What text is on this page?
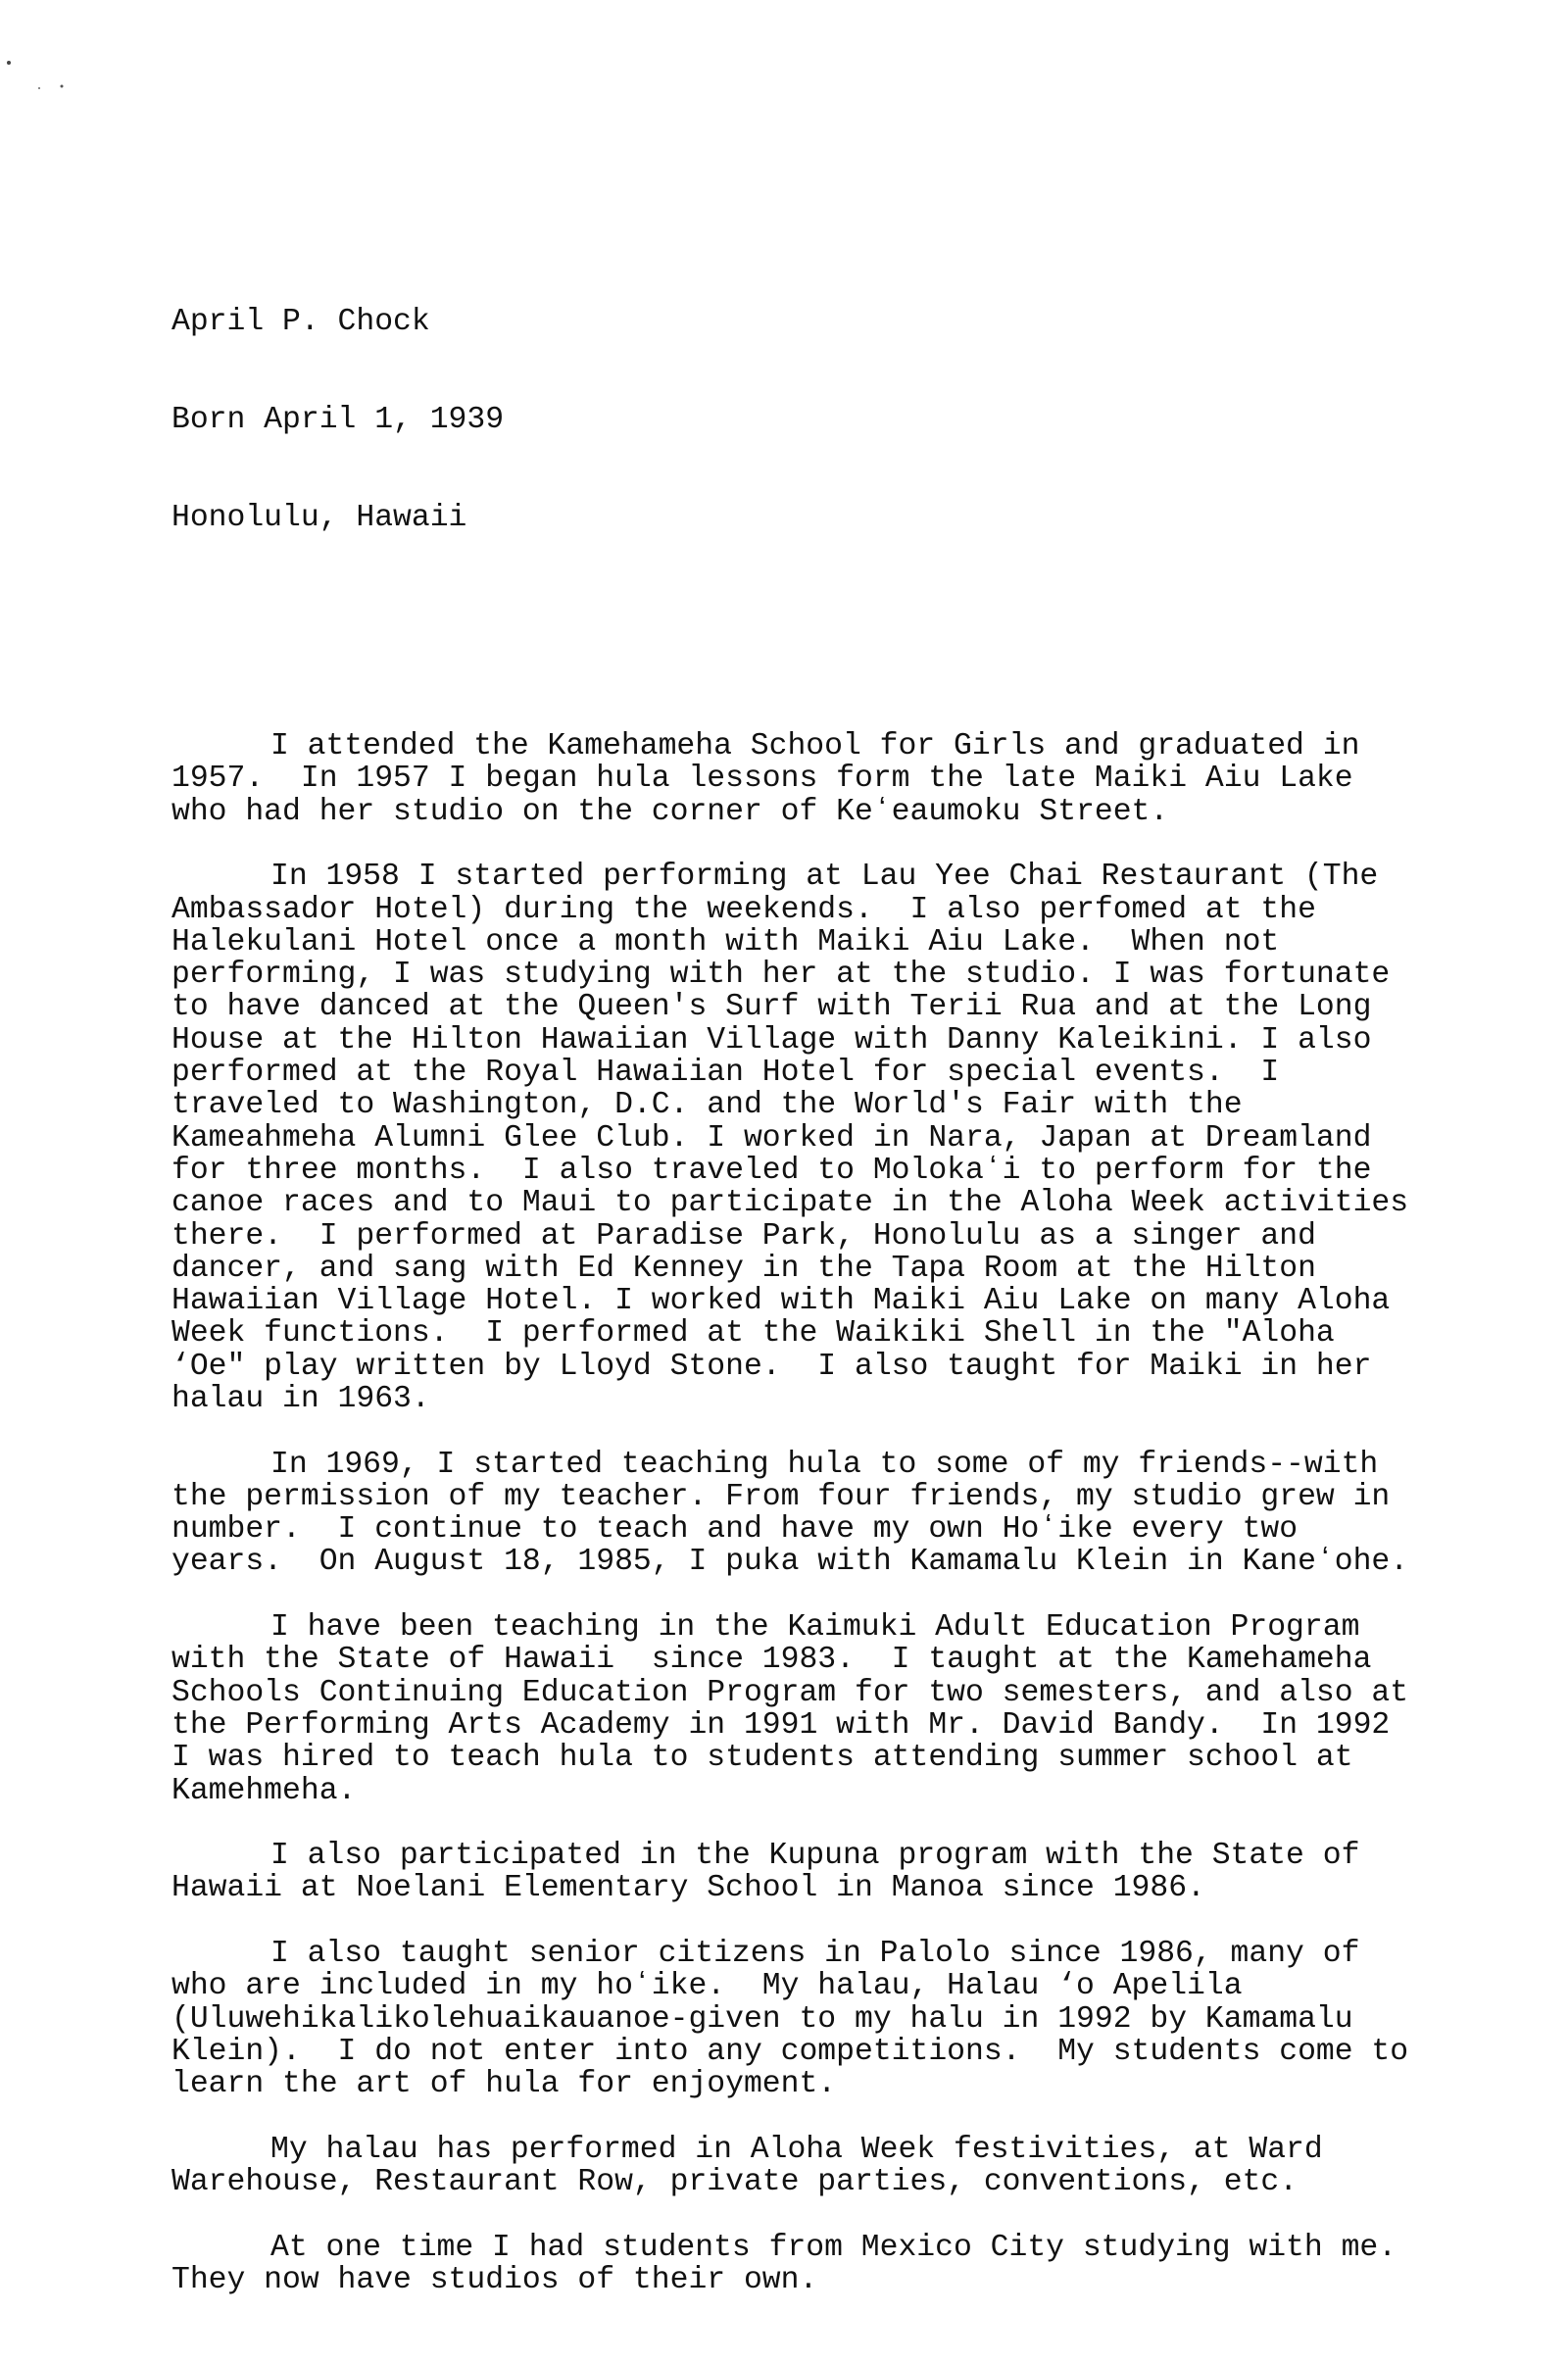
April P. Chock

Born April 1, 1939

Honolulu, Hawaii

I attended the Kamehameha School for Girls and graduated in
1957.  In 1957 I began hula lessons form the late Maiki Aiu Lake
who had her studio on the corner of Keʻeaumoku Street.
In 1958 I started performing at Lau Yee Chai Restaurant (The
Ambassador Hotel) during the weekends.  I also perfomed at the
Halekulani Hotel once a month with Maiki Aiu Lake.  When not
performing, I was studying with her at the studio. I was fortunate
to have danced at the Queen's Surf with Terii Rua and at the Long
House at the Hilton Hawaiian Village with Danny Kaleikini. I also
performed at the Royal Hawaiian Hotel for special events.  I
traveled to Washington, D.C. and the World's Fair with the
Kameahmeha Alumni Glee Club. I worked in Nara, Japan at Dreamland
for three months.  I also traveled to Molokaʻi to perform for the
canoe races and to Maui to participate in the Aloha Week activities
there.  I performed at Paradise Park, Honolulu as a singer and
dancer, and sang with Ed Kenney in the Tapa Room at the Hilton
Hawaiian Village Hotel. I worked with Maiki Aiu Lake on many Aloha
Week functions.  I performed at the Waikiki Shell in the "Aloha
‘Oe" play written by Lloyd Stone.  I also taught for Maiki in her
halau in 1963.
In 1969, I started teaching hula to some of my friends--with
the permission of my teacher. From four friends, my studio grew in
number.  I continue to teach and have my own Hoʻike every two
years.  On August 18, 1985, I puka with Kamamalu Klein in Kaneʻohe.
I have been teaching in the Kaimuki Adult Education Program
with the State of Hawaii  since 1983.  I taught at the Kamehameha
Schools Continuing Education Program for two semesters, and also at
the Performing Arts Academy in 1991 with Mr. David Bandy.  In 1992
I was hired to teach hula to students attending summer school at
Kamehmeha.
I also participated in the Kupuna program with the State of
Hawaii at Noelani Elementary School in Manoa since 1986.
I also taught senior citizens in Palolo since 1986, many of
who are included in my hoʻike.  My halau, Halau ‘o Apelila
(Uluwehikalikolehuaikauanoe-given to my halu in 1992 by Kamamalu
Klein).  I do not enter into any competitions.  My students come to
learn the art of hula for enjoyment.
My halau has performed in Aloha Week festivities, at Ward
Warehouse, Restaurant Row, private parties, conventions, etc.
At one time I had students from Mexico City studying with me.
They now have studios of their own.
